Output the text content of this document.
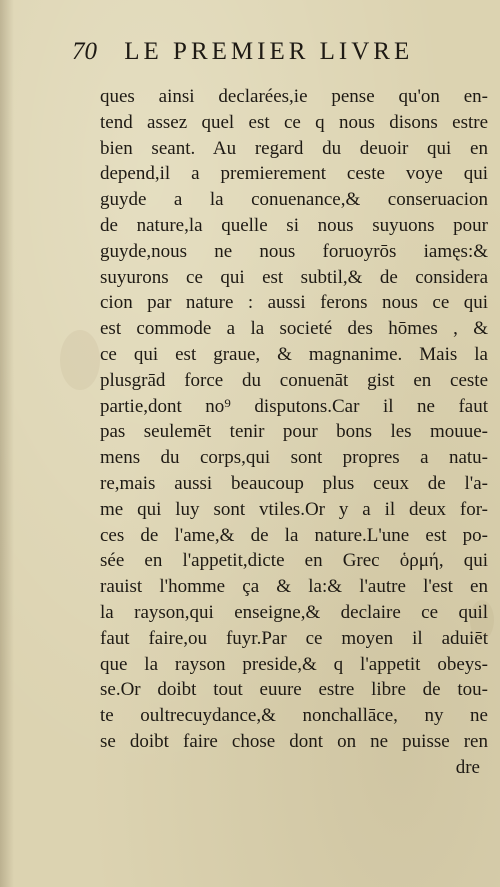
70 LE PREMIER LIVRE
ques ainsi declarées,ie pense qu'on en-
tend assez quel est ce q nous disons estre
bien seant. Au regard du deuoir qui en
depend,il a premierement ceste voye qui
guyde a la conuenance,& conseruacion
de nature,la quelle si nous suyuons pour
guyde,nous ne nous foruoyrōs iamęs:&
suyurons ce qui est subtil,& de considera
cion par nature : aussi ferons nous ce qui
est commode a la societé des hōmes , &
ce qui est graue, & magnanime. Mais la
plusgrād force du conuenāt gist en ceste
partie,dont no⁹ disputons.Car il ne faut
pas seulemēt tenir pour bons les mouue-
mens du corps,qui sont propres a natu-
re,mais aussi beaucoup plus ceux de l'a-
me qui luy sont vtiles.Or y a il deux for-
ces de l'ame,& de la nature.L'une est po-
sée en l'appetit,dicte en Grec ὁρμή, qui
rauist l'homme ça & la:& l'autre l'est en
la rayson,qui enseigne,& declaire ce quil
faut faire,ou fuyr.Par ce moyen il aduiēt
que la rayson preside,& q l'appetit obeys-
se.Or doibt tout euure estre libre de tou-
te oultrecuydance,& nonchallāce, ny ne
se doibt faire chose dont on ne puisse ren
dre
